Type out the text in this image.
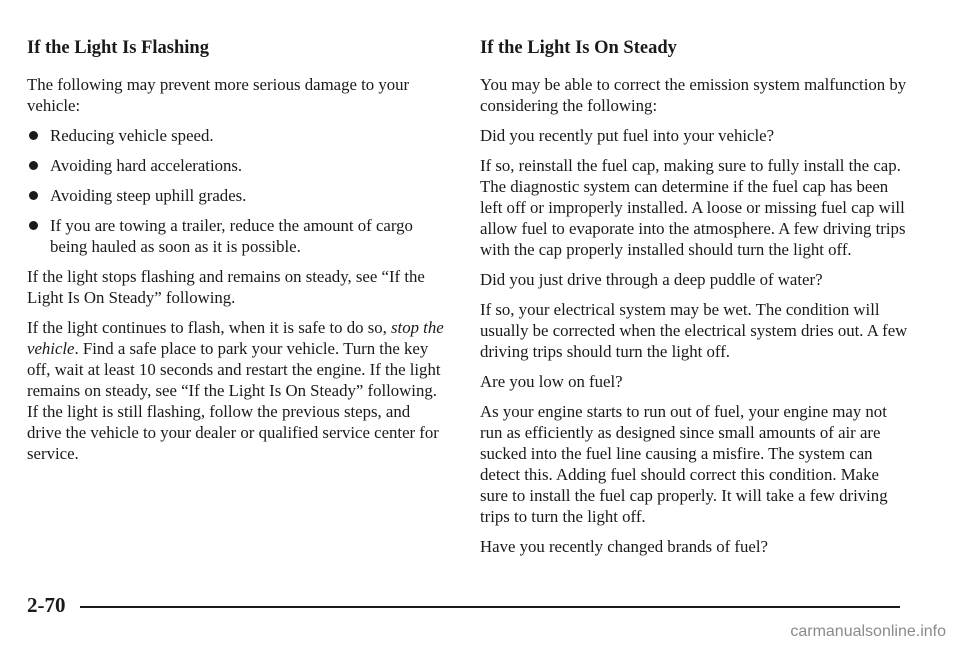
If the Light Is Flashing

The following may prevent more serious damage to your vehicle:

Reducing vehicle speed.
Avoiding hard accelerations.
Avoiding steep uphill grades.
If you are towing a trailer, reduce the amount of cargo being hauled as soon as it is possible.

If the light stops flashing and remains on steady, see “If the Light Is On Steady” following.

If the light continues to flash, when it is safe to do so, stop the vehicle. Find a safe place to park your vehicle. Turn the key off, wait at least 10 seconds and restart the engine. If the light remains on steady, see “If the Light Is On Steady” following. If the light is still flashing, follow the previous steps, and drive the vehicle to your dealer or qualified service center for service.

If the Light Is On Steady

You may be able to correct the emission system malfunction by considering the following:

Did you recently put fuel into your vehicle?

If so, reinstall the fuel cap, making sure to fully install the cap. The diagnostic system can determine if the fuel cap has been left off or improperly installed. A loose or missing fuel cap will allow fuel to evaporate into the atmosphere. A few driving trips with the cap properly installed should turn the light off.

Did you just drive through a deep puddle of water?

If so, your electrical system may be wet. The condition will usually be corrected when the electrical system dries out. A few driving trips should turn the light off.

Are you low on fuel?

As your engine starts to run out of fuel, your engine may not run as efficiently as designed since small amounts of air are sucked into the fuel line causing a misfire. The system can detect this. Adding fuel should correct this condition. Make sure to install the fuel cap properly. It will take a few driving trips to turn the light off.

Have you recently changed brands of fuel?

2-70
carmanualsonline.info
